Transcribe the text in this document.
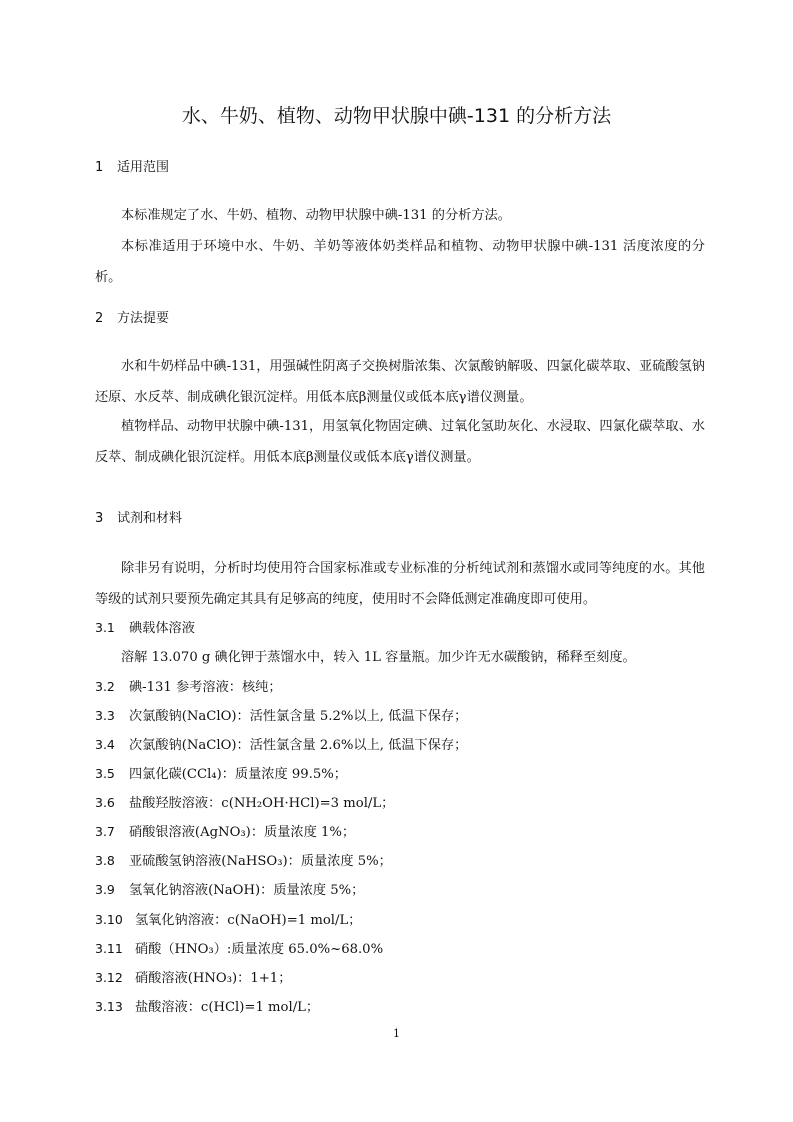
水、牛奶、植物、动物甲状腺中碘-131 的分析方法
1 适用范围

本标准规定了水、牛奶、植物、动物甲状腺中碘-131 的分析方法。

本标准适用于环境中水、牛奶、羊奶等液体奶类样品和植物、动物甲状腺中碘-131 活度浓度的分析。

2 方法提要

水和牛奶样品中碘-131，用强碱性阴离子交换树脂浓集、次氯酸钠解吸、四氯化碳萃取、亚硫酸氢钠还原、水反萃、制成碘化银沉淀样。用低本底β测量仪或低本底γ谱仪测量。

植物样品、动物甲状腺中碘-131，用氢氧化物固定碘、过氧化氢助灰化、水浸取、四氯化碳萃取、水反萃、制成碘化银沉淀样。用低本底β测量仪或低本底γ谱仪测量。

3 试剂和材料

除非另有说明，分析时均使用符合国家标准或专业标准的分析纯试剂和蒸馏水或同等纯度的水。其他等级的试剂只要预先确定其具有足够高的纯度，使用时不会降低测定准确度即可使用。

3.1 碘载体溶液
溶解 13.070 g 碘化钾于蒸馏水中，转入 1L 容量瓶。加少许无水碳酸钠，稀释至刻度。
3.2 碘-131 参考溶液：核纯；
3.3 次氯酸钠(NaClO)：活性氯含量 5.2%以上, 低温下保存；
3.4 次氯酸钠(NaClO)：活性氯含量 2.6%以上, 低温下保存；
3.5 四氯化碳(CCl₄)：质量浓度 99.5%；
3.6 盐酸羟胺溶液：c(NH₂OH·HCl)=3 mol/L；
3.7 硝酸银溶液(AgNO₃)：质量浓度 1%；
3.8 亚硫酸氢钠溶液(NaHSO₃)：质量浓度 5%；
3.9 氢氧化钠溶液(NaOH)：质量浓度 5%；
3.10 氢氧化钠溶液：c(NaOH)=1 mol/L；
3.11 硝酸（HNO₃）:质量浓度 65.0%~68.0%
3.12 硝酸溶液(HNO₃)：1+1；
3.13 盐酸溶液：c(HCl)=1 mol/L；
1
